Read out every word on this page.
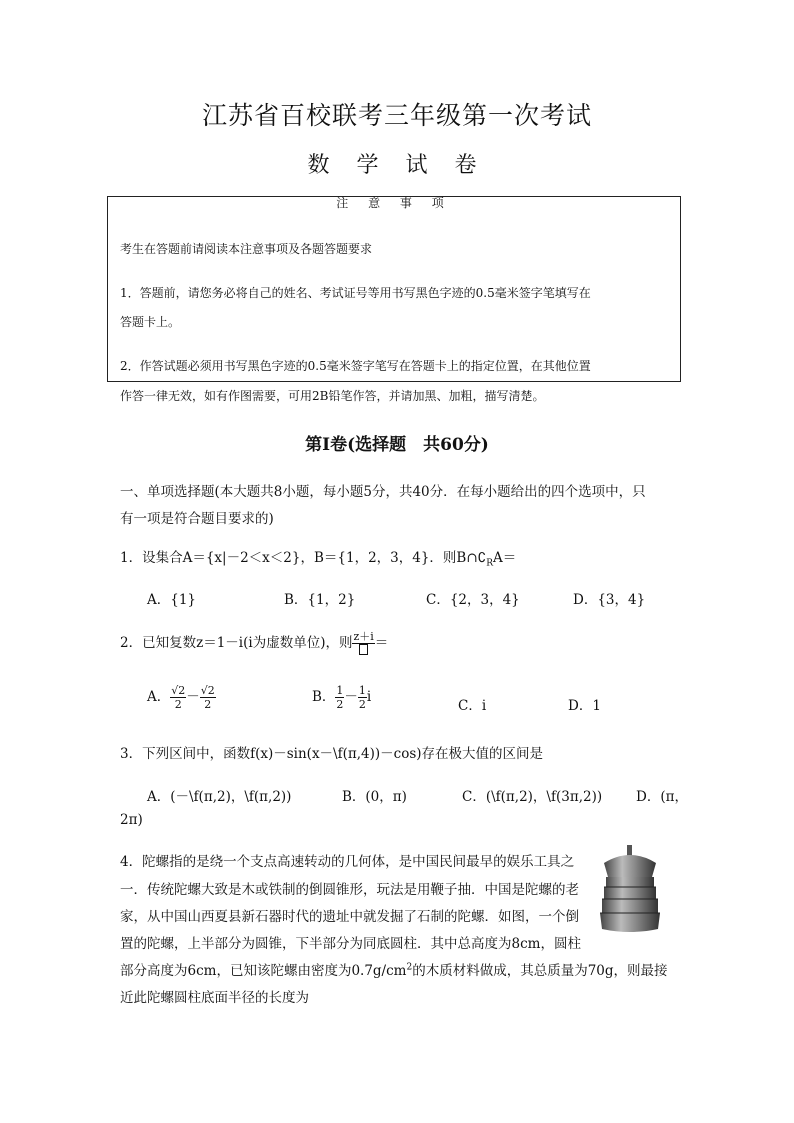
江苏省百校联考三年级第一次考试
数 学 试 卷
注 意 事 项
考生在答题前请阅读本注意事项及各题答题要求
1．答题前，请您务必将自己的姓名、考试证号等用书写黑色字迹的0.5毫米签字笔填写在
答题卡上。
2．作答试题必须用书写黑色字迹的0.5毫米签字笔写在答题卡上的指定位置，在其他位置
作答一律无效，如有作图需要，可用2B铅笔作答，并请加黑、加粗，描写清楚。
第Ⅰ卷(选择题　共60分)
一、单项选择题(本大题共8小题，每小题5分，共40分．在每小题给出的四个选项中，只
有一项是符合题目要求的)
1．设集合A＝{x|－2＜x＜2}，B＝{1，2，3，4}．则$B\cap∁_RA=$
A．{1}	B．{1，2}	C．{2，3，4}	D．{3，4}
2．已知复数z＝1－i(i为虚数单位)，则 z＋i ＝
A． $\frac{√2}{2} - \frac{√2}{2}$	B． $\frac{1}{2} - \frac{1}{2}$ i
C．i	D．1
3．下列区间中，函数f(x)－sin(x－\f(π,4))－cos)存在极大值的区间是
A．(－\f(π,2)，\f(π,2))	B．(0，π)	C．(\f(π,2)，\f(3π,2))	D．(π，
2π)
4．陀螺指的是绕一个支点高速转动的几何体，是中国民间最早的娱乐工具之
一．传统陀螺大致是木或铁制的倒圆锥形，玩法是用鞭子抽．中国是陀螺的老
家，从中国山西夏县新石器时代的遗址中就发掘了石制的陀螺．如图，一个倒
置的陀螺，上半部分为圆锥，下半部分为同底圆柱．其中总高度为8cm，圆柱
部分高度为6cm，已知该陀螺由密度为$0.7g/cm^2$的木质材料做成，其总质量为70g，则最接
近此陀螺圆柱底面半径的长度为
